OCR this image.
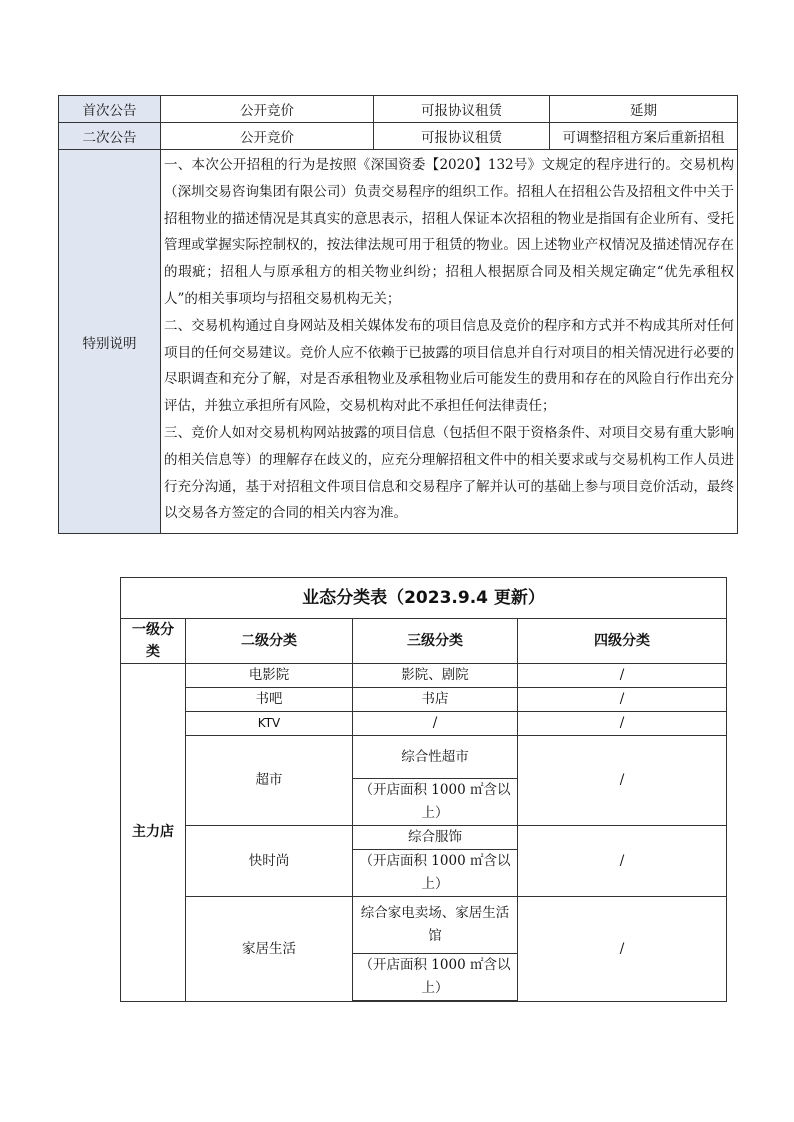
首次公告	公开竞价	可报协议租赁	延期
二次公告	公开竞价	可报协议租赁	可调整招租方案后重新招租
特别说明	一、本次公开招租的行为是按照《深国资委【2020】132号》文规定的程序进行的。交易机构（深圳交易咨询集团有限公司）负责交易程序的组织工作。招租人在招租公告及招租文件中关于招租物业的描述情况是其真实的意思表示，招租人保证本次招租的物业是指国有企业所有、受托管理或掌握实际控制权的，按法律法规可用于租赁的物业。因上述物业产权情况及描述情况存在的瑕疵；招租人与原承租方的相关物业纠纷；招租人根据原合同及相关规定确定“优先承租权人”的相关事项均与招租交易机构无关；

二、交易机构通过自身网站及相关媒体发布的项目信息及竞价的程序和方式并不构成其所对任何项目的任何交易建议。竞价人应不依赖于已披露的项目信息并自行对项目的相关情况进行必要的尽职调查和充分了解，对是否承租物业及承租物业后可能发生的费用和存在的风险自行作出充分评估，并独立承担所有风险，交易机构对此不承担任何法律责任；

三、竞价人如对交易机构网站披露的项目信息（包括但不限于资格条件、对项目交易有重大影响的相关信息等）的理解存在歧义的，应充分理解招租文件中的相关要求或与交易机构工作人员进行充分沟通，基于对招租文件项目信息和交易程序了解并认可的基础上参与项目竞价活动，最终以交易各方签定的合同的相关内容为准。		

业态分类表（2023.9.4 更新）			
一级分类	二级分类	三级分类	四级分类
主力店	电影院	影院、剧院	/
	书吧	书店	/
	KTV	/	/
	超市	综合性超市	/
		（开店面积 1000 ㎡含以上）	
	快时尚	综合服饰	/
		（开店面积 1000 ㎡含以上）	
	家居生活	综合家电卖场、家居生活馆	/
		（开店面积 1000 ㎡含以上）	
